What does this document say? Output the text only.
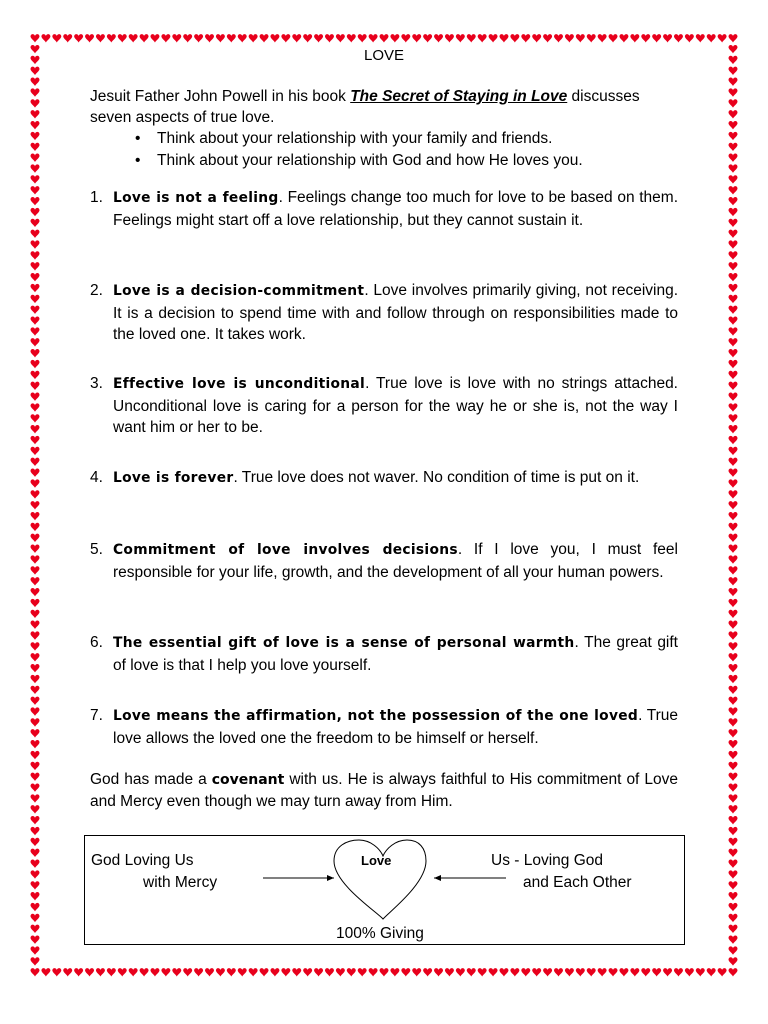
LOVE
Jesuit Father John Powell in his book The Secret of Staying in Love discusses seven aspects of true love.
• Think about your relationship with your family and friends.
• Think about your relationship with God and how He loves you.
1. Love is not a feeling. Feelings change too much for love to be based on them. Feelings might start off a love relationship, but they cannot sustain it.
2. Love is a decision-commitment. Love involves primarily giving, not receiving. It is a decision to spend time with and follow through on responsibilities made to the loved one. It takes work.
3. Effective love is unconditional. True love is love with no strings attached. Unconditional love is caring for a person for the way he or she is, not the way I want him or her to be.
4. Love is forever. True love does not waver. No condition of time is put on it.
5. Commitment of love involves decisions. If I love you, I must feel responsible for your life, growth, and the development of all your human powers.
6. The essential gift of love is a sense of personal warmth. The great gift of love is that I help you love yourself.
7. Love means the affirmation, not the possession of the one loved. True love allows the loved one the freedom to be himself or herself.
God has made a covenant with us. He is always faithful to His commitment of Love and Mercy even though we may turn away from Him.
God Loving Us
with Mercy
Love	Us - Loving God
and Each Other
100% Giving
